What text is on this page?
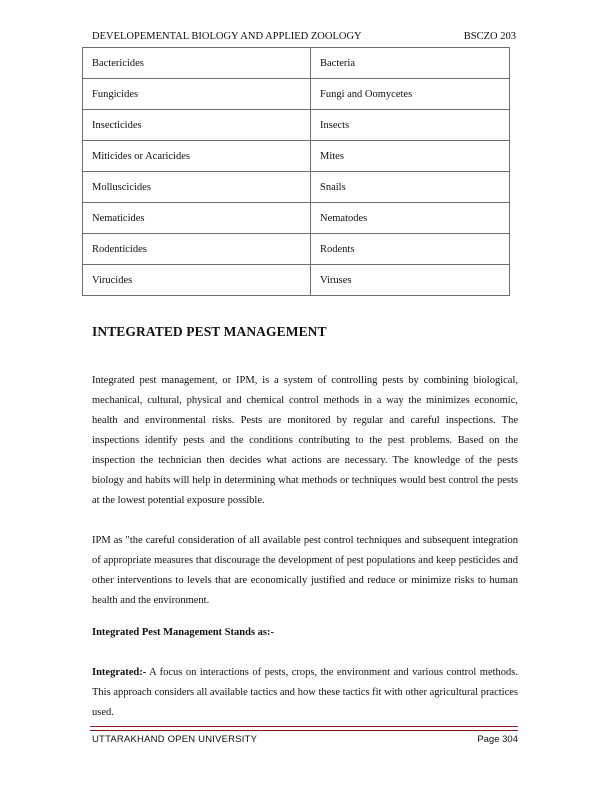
DEVELOPEMENTAL BIOLOGY AND APPLIED ZOOLOGY	BSCZO 203
Bactericides	Bacteria
Fungicides	Fungi and Oomycetes
Insecticides	Insects
Miticides or Acaricides	Mites
Molluscicides	Snails
Nematicides	Nematodes
Rodenticides	Rodents
Virucides	Viruses
INTEGRATED PEST MANAGEMENT

Integrated pest management, or IPM, is a system of controlling pests by combining biological, mechanical, cultural, physical and chemical control methods in a way the minimizes economic, health and environmental risks. Pests are monitored by regular and careful inspections. The inspections identify pests and the conditions contributing to the pest problems. Based on the inspection the technician then decides what actions are necessary. The knowledge of the pests biology and habits will help in determining what methods or techniques would best control the pests at the lowest potential exposure possible.

IPM as "the careful consideration of all available pest control techniques and subsequent integration of appropriate measures that discourage the development of pest populations and keep pesticides and other interventions to levels that are economically justified and reduce or minimize risks to human health and the environment.

Integrated Pest Management Stands as:-

Integrated:- A focus on interactions of pests, crops, the environment and various control methods. This approach considers all available tactics and how these tactics fit with other agricultural practices used.

UTTARAKHAND OPEN UNIVERSITY	Page 304
